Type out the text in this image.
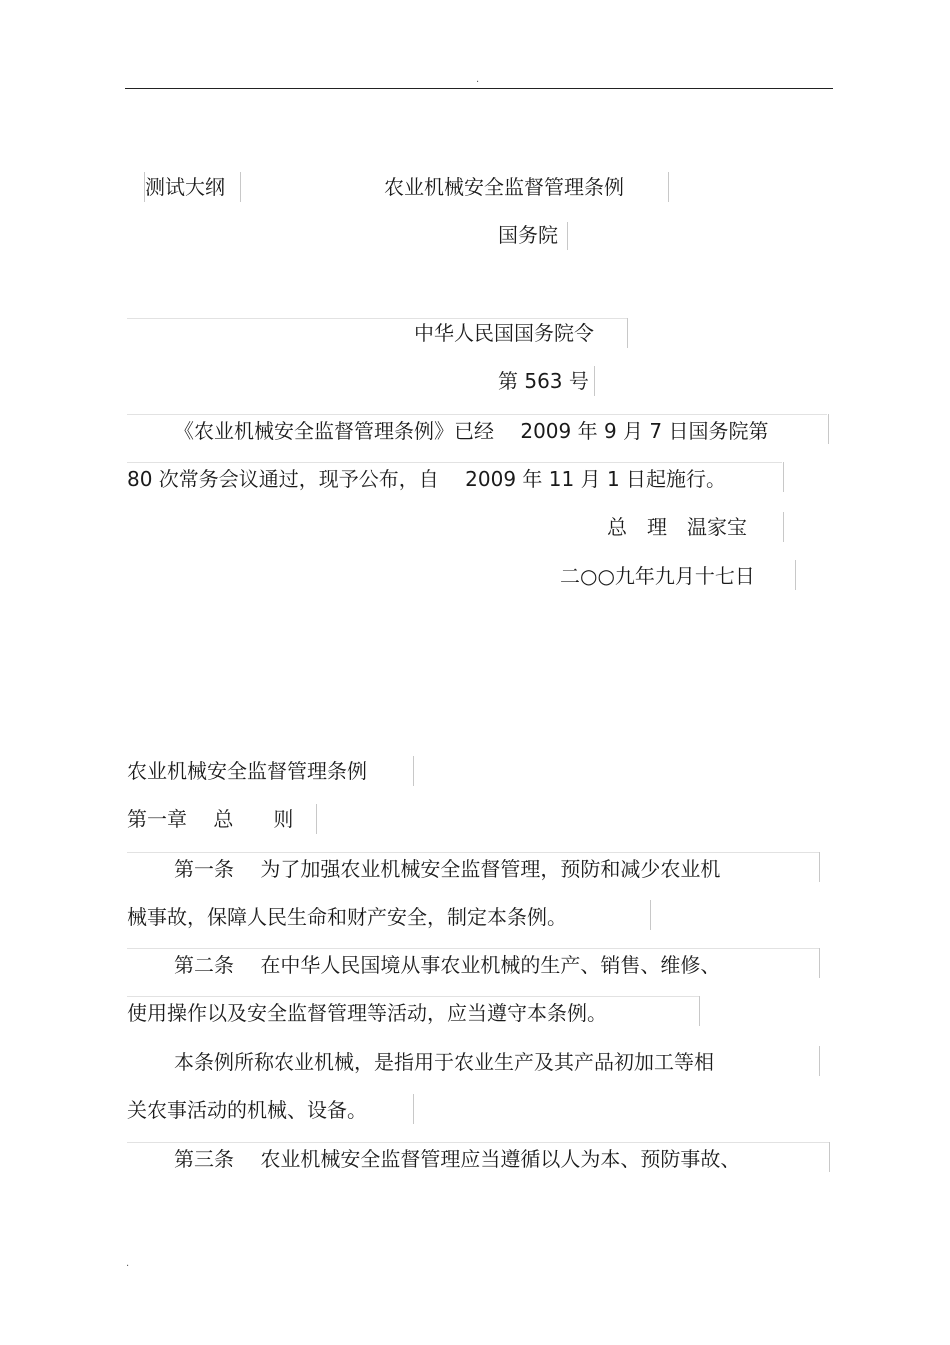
.
测试大纲	农业机械安全监督管理条例
国务院
中华人民国国务院令
第 563 号
《农业机械安全监督管理条例》已经　 2009 年 9 月 7 日国务院第
80 次常务会议通过，现予公布，自　 2009 年 11 月 1 日起施行。
总　理　温家宝
二○○九年九月十七日
农业机械安全监督管理条例
第一章　 总　　则
第一条　 为了加强农业机械安全监督管理，预防和减少农业机
械事故，保障人民生命和财产安全，制定本条例。
第二条　 在中华人民国境从事农业机械的生产、销售、维修、
使用操作以及安全监督管理等活动，应当遵守本条例。
本条例所称农业机械，是指用于农业生产及其产品初加工等相
关农事活动的机械、设备。
第三条　 农业机械安全监督管理应当遵循以人为本、预防事故、
.
